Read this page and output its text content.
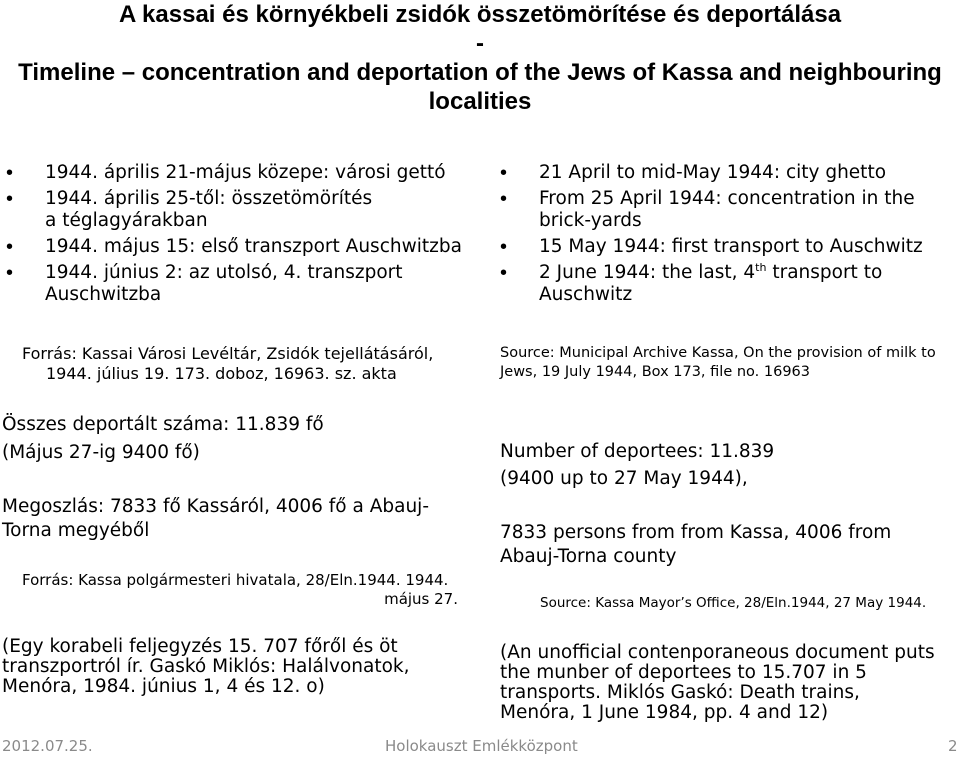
A kassai és környékbeli zsidók összetömörítése és deportálása
-
Timeline – concentration and deportation of the Jews of Kassa and neighbouring
localities
• 1944. április 21-május közepe: városi gettó
• 1944. április 25-től: összetömörítés a téglagyárakban
• 1944. május 15: első transzport Auschwitzba
• 1944. június 2: az utolsó, 4. transzport Auschwitzba
Forrás: Kassai Városi Levéltár, Zsidók tejellátásáról, 1944. július 19. 173. doboz, 16963. sz. akta
Összes deportált száma: 11.839 fő
(Május 27-ig 9400 fő)
Megoszlás: 7833 fő Kassáról, 4006 fő a Abauj-Torna megyéből
Forrás: Kassa polgármesteri hivatala, 28/Eln.1944. 1944.
május 27.
(Egy korabeli feljegyzés 15. 707 főről és öt transzportról ír. Gaskó Miklós: Halálvonatok, Menóra, 1984. június 1, 4 és 12. o)
• 21 April to mid-May 1944: city ghetto
• From 25 April 1944: concentration in the brick-yards
• 15 May 1944: first transport to Auschwitz
• 2 June 1944: the last, 4th transport to Auschwitz
Source: Municipal Archive Kassa, On the provision of milk to Jews, 19 July 1944, Box 173, file no. 16963
Number of deportees: 11.839
(9400 up to 27 May 1944),
7833 persons from from Kassa, 4006 from Abauj-Torna county
Source: Kassa Mayor’s Office, 28/Eln.1944, 27 May 1944.
(An unofficial contenporaneous document puts the munber of deportees to 15.707 in 5 transports. Miklós Gaskó: Death trains, Menóra, 1 June 1984, pp. 4 and 12)
2012.07.25.	Holokauszt Emlékközpont	2
